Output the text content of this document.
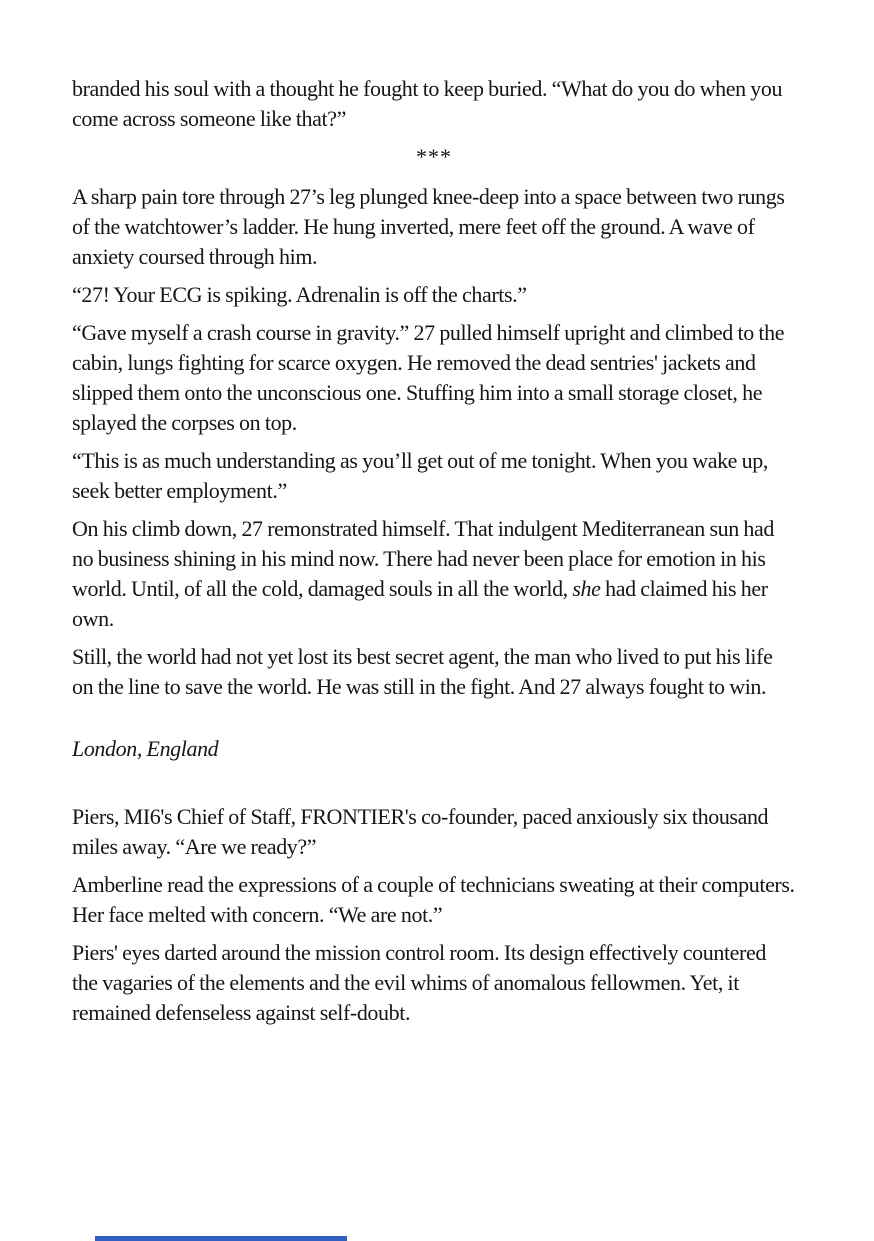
branded his soul with a thought he fought to keep buried. “What do you do when you come across someone like that?”

***

A sharp pain tore through 27’s leg plunged knee-deep into a space between two rungs of the watchtower’s ladder. He hung inverted, mere feet off the ground. A wave of anxiety coursed through him.

“27! Your ECG is spiking. Adrenalin is off the charts.”

“Gave myself a crash course in gravity.” 27 pulled himself upright and climbed to the cabin, lungs fighting for scarce oxygen. He removed the dead sentries' jackets and slipped them onto the unconscious one. Stuffing him into a small storage closet, he splayed the corpses on top.

“This is as much understanding as you’ll get out of me tonight. When you wake up, seek better employment.”

On his climb down, 27 remonstrated himself. That indulgent Mediterranean sun had no business shining in his mind now. There had never been place for emotion in his world. Until, of all the cold, damaged souls in all the world, she had claimed his her own.

Still, the world had not yet lost its best secret agent, the man who lived to put his life on the line to save the world. He was still in the fight. And 27 always fought to win.

London, England

Piers, MI6's Chief of Staff, FRONTIER's co-founder, paced anxiously six thousand miles away. “Are we ready?”

Amberline read the expressions of a couple of technicians sweating at their computers. Her face melted with concern. “We are not.”

Piers' eyes darted around the mission control room. Its design effectively countered the vagaries of the elements and the evil whims of anomalous fellowmen. Yet, it remained defenseless against self-doubt.
